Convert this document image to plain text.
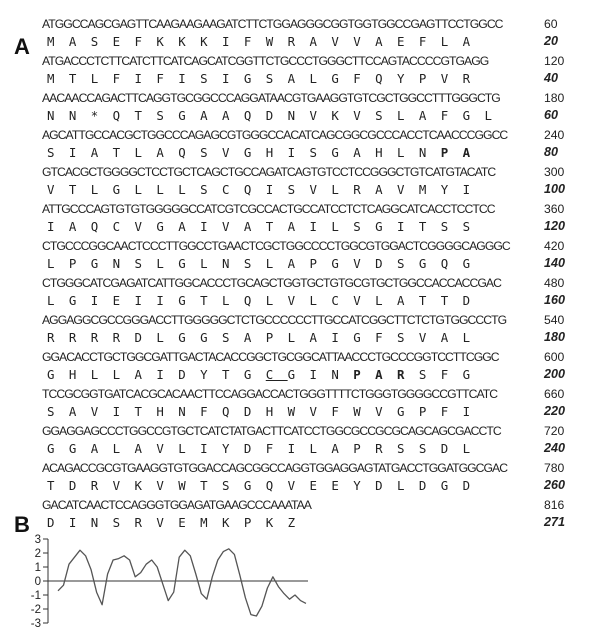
A
ATGGCCAGCGAGTTCAAGAAGAAGATCTTCTGGAGGGCGGTGGTGGCCGAGTTCCTGGCC	60
MASEFKKKIFWRAVVAEFLA	20
ATGACCCTCTTCATCTTCATCAGCATCGGTTCTGCCCTGGGCTTCCAGTACCCCGTGAGG	120
MTLFIFISIGSALGFQYPVR	40
AACAACCAGACTTCAGGTGCGGCCCAGGATAACGTGAAGGTGTCGCTGGCCTTTGGGCTG	180
NN*QTSGAAQDNVKVSLAFGL	60
AGCATTGCCACGCTGGCCCAGAGCGTGGGCCACATCAGCGGCGCCCACCTCAACCCGGCC	240
SIATLAQSVGHISGAHLNPA	80
GTCACGCTGGGGCTCCTGCTCAGCTGCCAGATCAGTGTCCTCCGGGCTGTCATGTACATC	300
VTLGLLLSCQISVLRAVMYI	100
ATTGCCCAGTGTGTGGGGGCCATCGTCGCCACTGCCATCCTCTCAGGCATCACCTCCTCC	360
IAQCVGAIVATAILSGITSS	120
CTGCCCGGCAACTCCCTTGGCCTGAACTCGCTGGCCCCTGGCGTGGACTCGGGGCAGGGC	420
LPGNSLGLNSLAPGVDSGQG	140
CTGGGCATCGAGATCATTGGCACCCTGCAGCTGGTGCTGTGCGTGCTGGCCACCACCGAC	480
LGIEIIGTLQLVLCVLATTD	160
AGGAGGCGCCGGGACCTTGGGGGCTCTGCCCCCCTTGCCATCGGCTTCTCTGTGGCCCTG	540
RRRRDLGGSAPLAIGFSVAL	180
GGACACCTGCTGGCGATTGACTACACCGGCTGCGGCATTAACCCTGCCCGGTCCTTCGGC	600
GHLLAIDYTGCGINPARSFG	200
TCCGCGGTGATCACGCACAACTTCCAGGACCACTGGGTTTTCTGGGTGGGGCCGTTCATC	660
SAVITHNFQDHWVFWVGPFI	220
GGAGGAGCCCTGGCCGTGCTCATCTATGACTTCATCCTGGCGCCGCGCAGCAGCGACCTC	720
GGALAVLIYDFILAPRSSDL	240
ACAGACCGCGTGAAGGTGTGGACCAGCGGCCAGGTGGAGGAGTATGACCTGGATGGCGAC	780
TDRVKVWTSGQVEEYDLDGD	260
GACATCAACTCCAGGGTGGAGATGAAGCCCAAATAA	816
DINSRVEMKPKZ	271
B
3
2
1
0
-1
-2
-3
